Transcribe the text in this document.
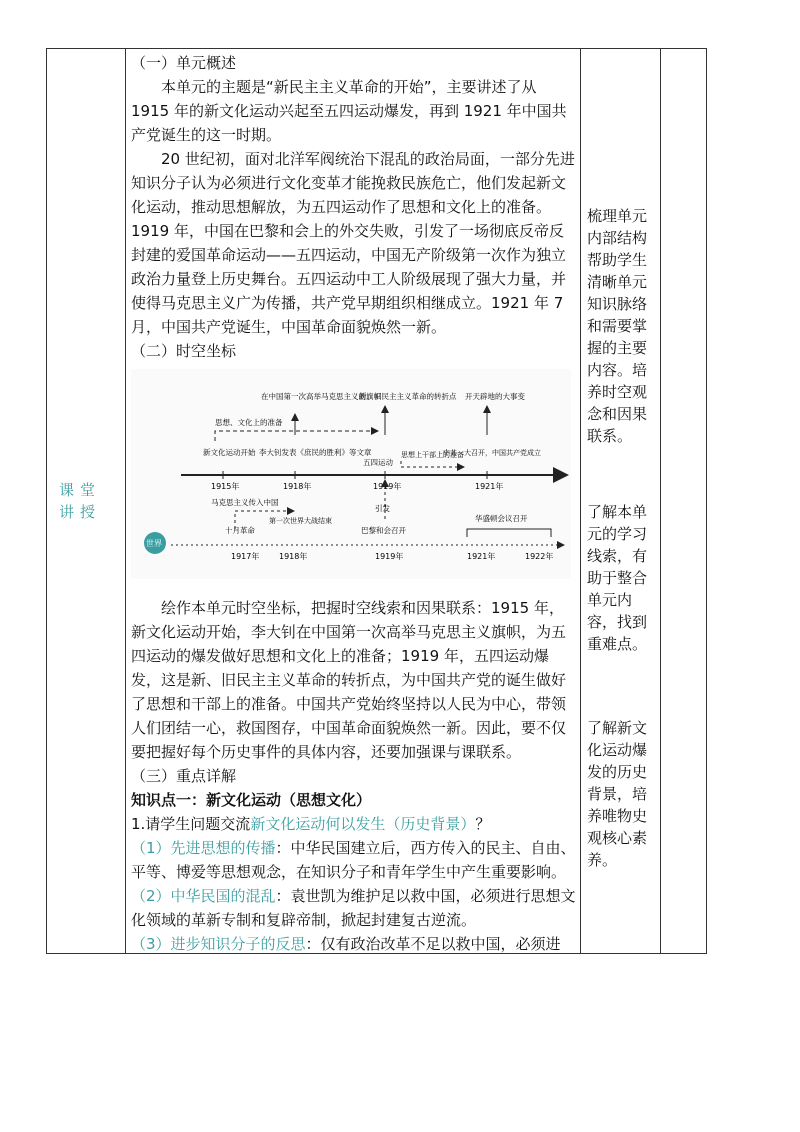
课堂讲授

（一）单元概述

本单元的主题是“新民主主义革命的开始”，主要讲述了从 1915 年的新文化运动兴起至五四运动爆发，再到 1921 年中国共产党诞生的这一时期。

20 世纪初，面对北洋军阀统治下混乱的政治局面，一部分先进知识分子认为必须进行文化变革才能挽救民族危亡，他们发起新文化运动，推动思想解放，为五四运动作了思想和文化上的准备。1919 年，中国在巴黎和会上的外交失败，引发了一场彻底反帝反封建的爱国革命运动——五四运动，中国无产阶级第一次作为独立政治力量登上历史舞台。五四运动中工人阶级展现了强大力量，并使得马克思主义广为传播，共产党早期组织相继成立。1921 年 7 月，中国共产党诞生，中国革命面貌焕然一新。

（二）时空坐标

1915年	1918年	1919年	1921年
在中国第一次高举马克思主义的旗帜
新、旧民主主义革命的转折点 开天辟地的大事变
思想、文化上的准备
新文化运动开始 李大钊发表《庶民的胜利》等文章
五四运动
思想上干部上的准备
中共一大召开，中国共产党成立
马克思主义传入中国
引发
世界
十月革命
第一次世界大战结束
巴黎和会召开
华盛顿会议召开
1917年 1918年	1919年	1921年	1922年

绘作本单元时空坐标，把握时空线索和因果联系：1915 年，新文化运动开始，李大钊在中国第一次高举马克思主义旗帜，为五四运动的爆发做好思想和文化上的准备；1919 年，五四运动爆发，这是新、旧民主主义革命的转折点，为中国共产党的诞生做好了思想和干部上的准备。中国共产党始终坚持以人民为中心，带领人们团结一心，救国图存，中国革命面貌焕然一新。因此，要不仅要把握好每个历史事件的具体内容，还要加强课与课联系。

（三）重点详解

知识点一：新文化运动（思想文化）

1.请学生问题交流新文化运动何以发生（历史背景）？

（1）先进思想的传播：中华民国建立后，西方传入的民主、自由、平等、博爱等思想观念，在知识分子和青年学生中产生重要影响。（2）中华民国的混乱：袁世凯为维护足以救中国，必须进行思想文化领域的革新专制和复辟帝制，掀起封建复古逆流。

（3）进步知识分子的反思：仅有政治改革不足以救中国，必须进

梳理单元内部结构帮助学生清晰单元知识脉络和需要掌握的主要内容。培养时空观念和因果联系。
了解本单元的学习线索，有助于整合单元内容，找到重难点。
了解新文化运动爆发的历史背景，培养唯物史观核心素养。
